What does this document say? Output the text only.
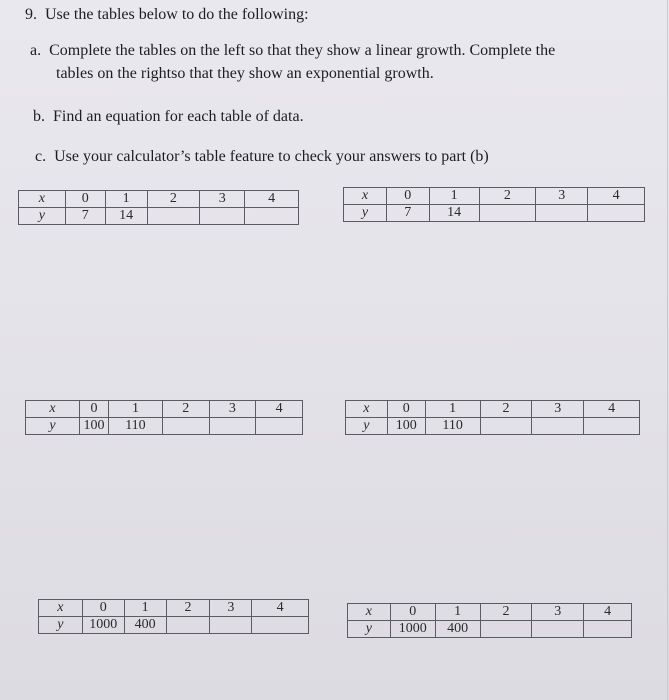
9. Use the tables below to do the following:
a. Complete the tables on the left so that they show a linear growth. Complete the
tables on the rightso that they show an exponential growth.
b. Find an equation for each table of data.
c. Use your calculator’s table feature to check your answers to part (b)
x	0	1	2	3	4
y	7	14			
x	0	1	2	3	4
y	7	14			
x	0	1	2	3	4
y	100	110			
x	0	1	2	3	4
y	100	110			
x	0	1	2	3	4
y	1000	400			
x	0	1	2	3	4
y	1000	400			
